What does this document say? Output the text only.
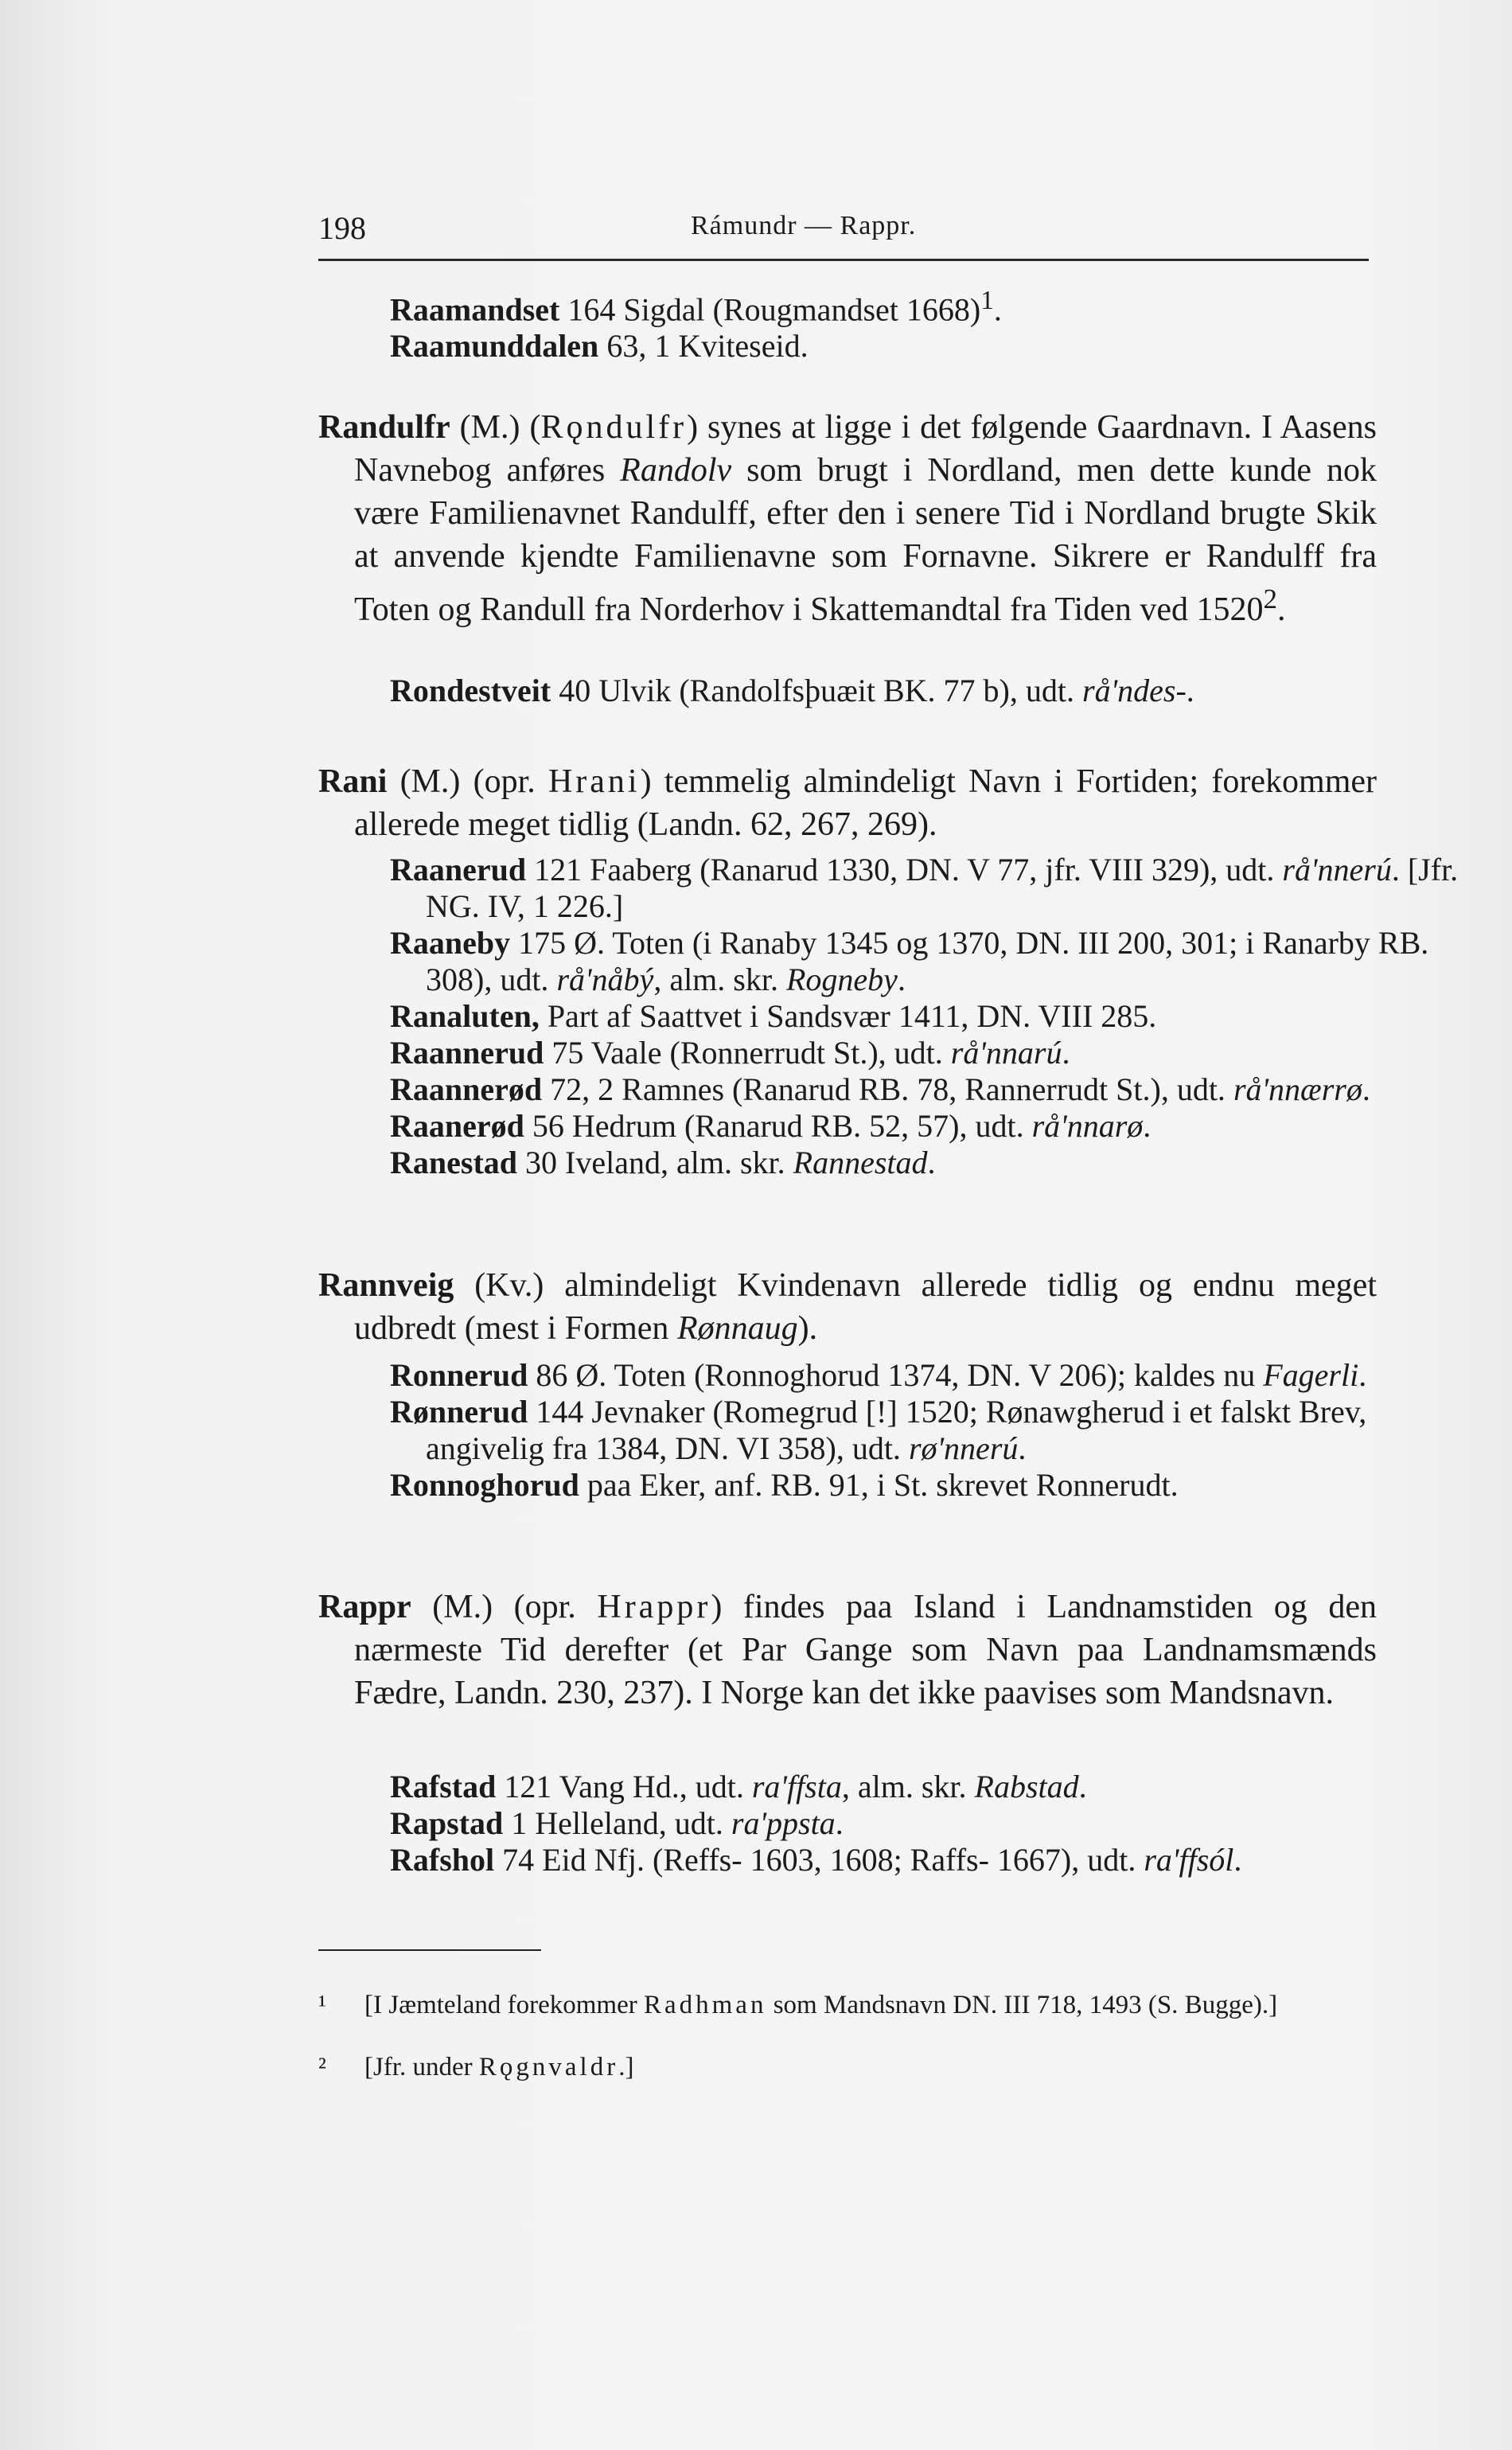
198	Rámundr — Rappr.

Raamandset 164 Sigdal (Rougmandset 1668)$^1$.

Raamunddalen 63, 1 Kviteseid.

Randulfr (M.) (Rǫndulfr) synes at ligge i det følgende Gaardnavn. I Aasens Navnebog anføres Randolv som brugt i Nordland, men dette kunde nok være Familienavnet Randulff, efter den i senere Tid i Nordland brugte Skik at anvende kjendte Familienavne som Fornavne. Sikrere er Randulff fra Toten og Randull fra Norderhov i Skattemandtal fra Tiden ved 1520$^2$.

Rondestveit 40 Ulvik (Randolfsþuæit BK. 77 b), udt. rå'ndes-.

Rani (M.) (opr. Hrani) temmelig almindeligt Navn i Fortiden; forekommer allerede meget tidlig (Landn. 62, 267, 269).

Raanerud 121 Faaberg (Ranarud 1330, DN. V 77, jfr. VIII 329), udt. rå'nnerú. [Jfr. NG. IV, 1 226.]

Raaneby 175 Ø. Toten (i Ranaby 1345 og 1370, DN. III 200, 301; i Ranarby RB. 308), udt. rå'nåbý, alm. skr. Rogneby.

Ranaluten, Part af Saattvet i Sandsvær 1411, DN. VIII 285.

Raannerud 75 Vaale (Ronnerrudt St.), udt. rå'nnarú.

Raannerød 72, 2 Ramnes (Ranarud RB. 78, Rannerrudt St.), udt. rå'nnærrø.

Raanerød 56 Hedrum (Ranarud RB. 52, 57), udt. rå'nnarø.

Ranestad 30 Iveland, alm. skr. Rannestad.

Rannveig (Kv.) almindeligt Kvindenavn allerede tidlig og endnu meget udbredt (mest i Formen Rønnaug).

Ronnerud 86 Ø. Toten (Ronnoghorud 1374, DN. V 206); kaldes nu Fagerli.

Rønnerud 144 Jevnaker (Romegrud [!] 1520; Rønawgherud i et falskt Brev, angivelig fra 1384, DN. VI 358), udt. rø'nnerú.

Ronnoghorud paa Eker, anf. RB. 91, i St. skrevet Ronnerudt.

Rappr (M.) (opr. Hrappr) findes paa Island i Landnamstiden og den nærmeste Tid derefter (et Par Gange som Navn paa Landnamsmænds Fædre, Landn. 230, 237). I Norge kan det ikke paavises som Mandsnavn.

Rafstad 121 Vang Hd., udt. ra'ffsta, alm. skr. Rabstad.

Rapstad 1 Helleland, udt. ra'ppsta.

Rafshol 74 Eid Nfj. (Reffs- 1603, 1608; Raffs- 1667), udt. ra'ffsól.

¹ [I Jæmteland forekommer Radhman som Mandsnavn DN. III 718, 1493 (S. Bugge).]
² [Jfr. under Rǫgnvaldr.]
